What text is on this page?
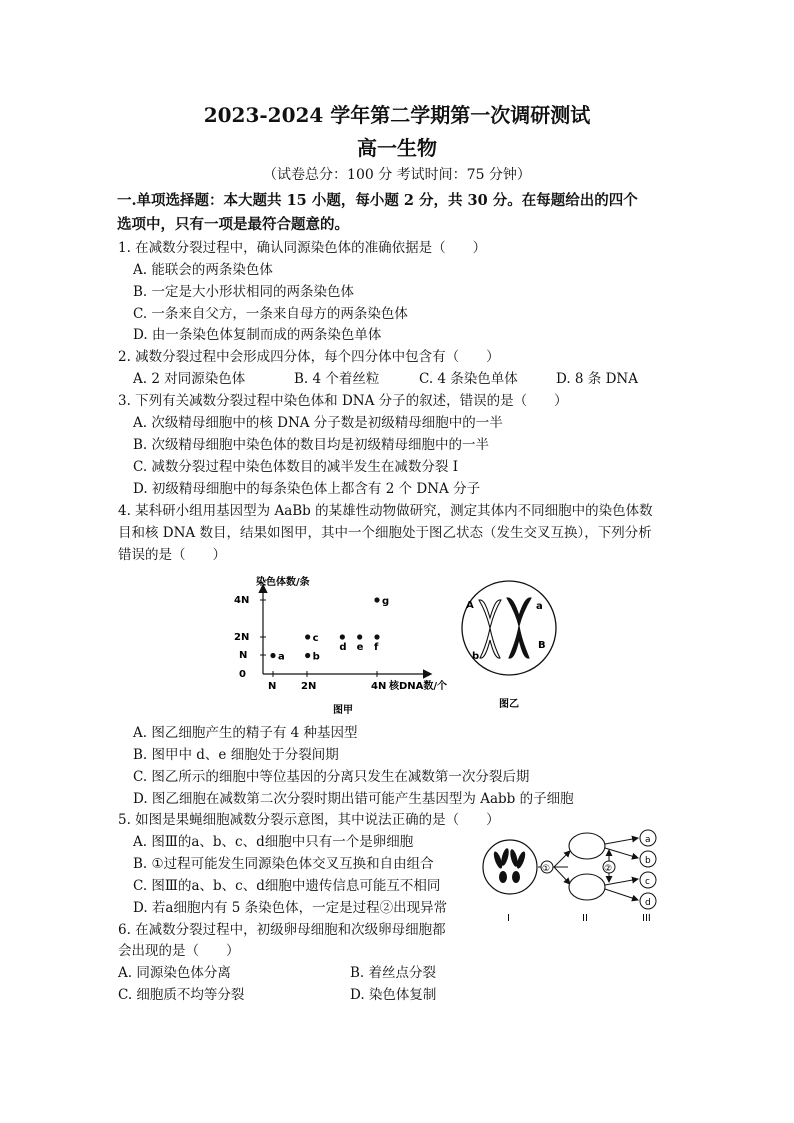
2023-2024 学年第二学期第一次调研测试
高一生物
（试卷总分：100 分 考试时间：75 分钟）
一.单项选择题：本大题共 15 小题，每小题 2 分，共 30 分。在每题给出的四个
选项中，只有一项是最符合题意的。
1. 在减数分裂过程中，确认同源染色体的准确依据是（　　）
A. 能联会的两条染色体
B. 一定是大小形状相同的两条染色体
C. 一条来自父方，一条来自母方的两条染色体
D. 由一条染色体复制而成的两条染色单体
2. 减数分裂过程中会形成四分体，每个四分体中包含有（　　）
A. 2 对同源染色体	B. 4 个着丝粒	C. 4 条染色单体	D. 8 条 DNA
3. 下列有关减数分裂过程中染色体和 DNA 分子的叙述，错误的是（　　）
A. 次级精母细胞中的核 DNA 分子数是初级精母细胞中的一半
B. 次级精母细胞中染色体的数目均是初级精母细胞中的一半
C. 减数分裂过程中染色体数目的减半发生在减数分裂 I
D. 初级精母细胞中的每条染色体上都含有 2 个 DNA 分子
4. 某科研小组用基因型为 AaBb 的某雄性动物做研究，测定其体内不同细胞中的染色体数
目和核 DNA 数目，结果如图甲，其中一个细胞处于图乙状态（发生交叉互换），下列分析
错误的是（　　）
染色体数/条
核DNA数/个
4N
2N
N
0
N 2N	4N
a	b
c
d e f
g
图甲
A	a
b
B
图乙
A. 图乙细胞产生的精子有 4 种基因型
B. 图甲中 d、e 细胞处于分裂间期
C. 图乙所示的细胞中等位基因的分离只发生在减数第一次分裂后期
D. 图乙细胞在减数第二次分裂时期出错可能产生基因型为 Aabb 的子细胞
5. 如图是果蝇细胞减数分裂示意图，其中说法正确的是（　　）
A. 图Ⅲ的a、b、c、d细胞中只有一个是卵细胞
B. ①过程可能发生同源染色体交叉互换和自由组合
C. 图Ⅲ的a、b、c、d细胞中遗传信息可能互不相同
D. 若a细胞内有 5 条染色体，一定是过程②出现异常
I
①
II
②
a
b
c
d
III
6. 在减数分裂过程中，初级卵母细胞和次级卵母细胞都
会出现的是（　　）
A. 同源染色体分离	B. 着丝点分裂
C. 细胞质不均等分裂	D. 染色体复制
